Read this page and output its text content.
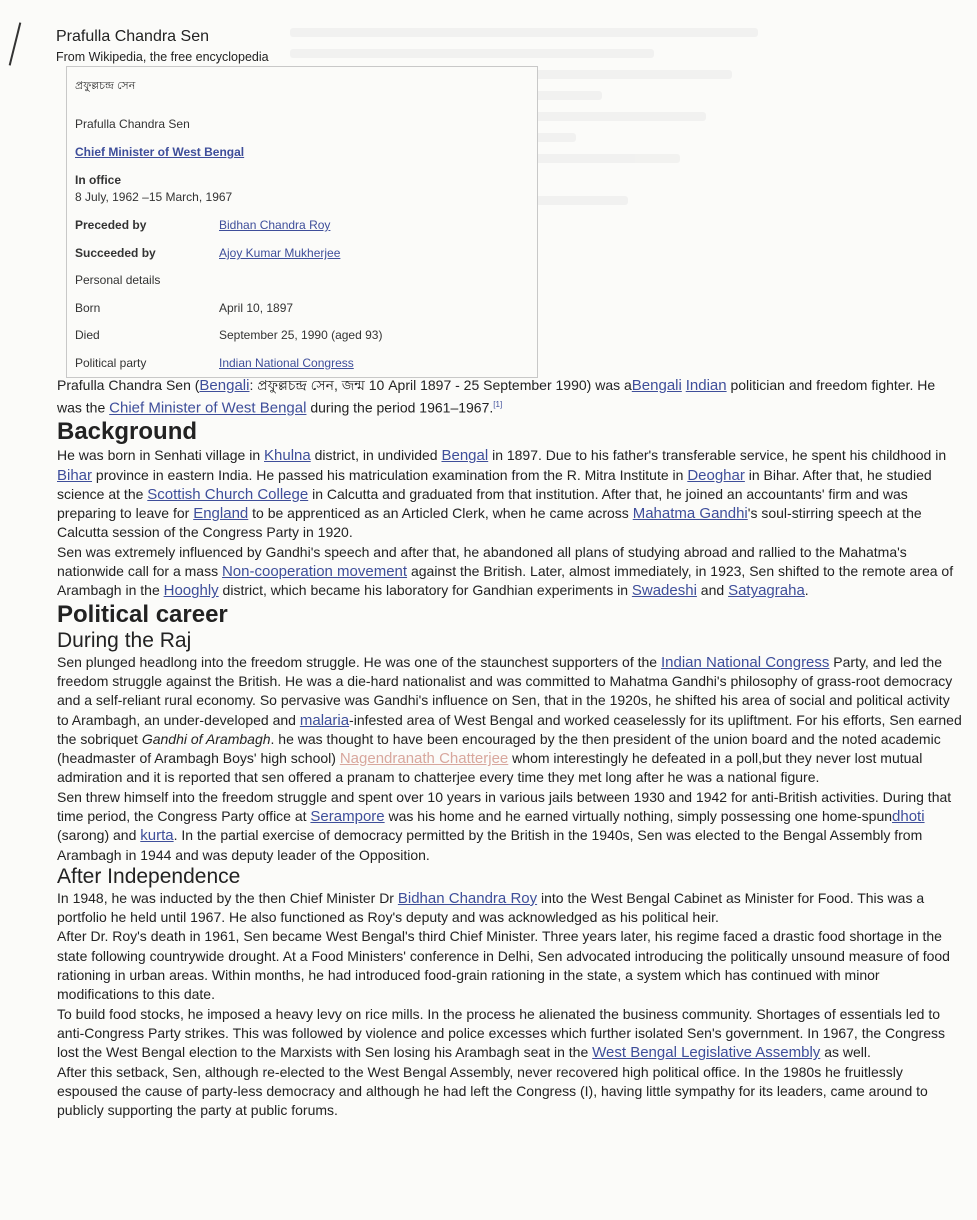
Prafulla Chandra Sen
From Wikipedia, the free encyclopedia
প্রফুল্লচন্দ্র সেন
Prafulla Chandra Sen
Chief Minister of West Bengal
In office
8 July, 1962 –15 March, 1967
Preceded by	Bidhan Chandra Roy
Succeeded by	Ajoy Kumar Mukherjee
Personal details
Born	April 10, 1897
Died	September 25, 1990 (aged 93)
Political party	Indian National Congress

Prafulla Chandra Sen (Bengali: প্রফুল্লচন্দ্র সেন, জন্ম 10 April 1897 - 25 September 1990) was aBengali Indian politician and freedom fighter. He was the Chief Minister of West Bengal during the period 1961–1967.[1]

Background

He was born in Senhati village in Khulna district, in undivided Bengal in 1897. Due to his father's transferable service, he spent his childhood in Bihar province in eastern India. He passed his matriculation examination from the R. Mitra Institute in Deoghar in Bihar. After that, he studied science at the Scottish Church College in Calcutta and graduated from that institution. After that, he joined an accountants' firm and was preparing to leave for England to be apprenticed as an Articled Clerk, when he came across Mahatma Gandhi's soul-stirring speech at the Calcutta session of the Congress Party in 1920.

Sen was extremely influenced by Gandhi's speech and after that, he abandoned all plans of studying abroad and rallied to the Mahatma's nationwide call for a mass Non-cooperation movement against the British. Later, almost immediately, in 1923, Sen shifted to the remote area of Arambagh in the Hooghly district, which became his laboratory for Gandhian experiments in Swadeshi and Satyagraha.

Political career
During the Raj

Sen plunged headlong into the freedom struggle. He was one of the staunchest supporters of the Indian National Congress Party, and led the freedom struggle against the British. He was a die-hard nationalist and was committed to Mahatma Gandhi's philosophy of grass-root democracy and a self-reliant rural economy. So pervasive was Gandhi's influence on Sen, that in the 1920s, he shifted his area of social and political activity to Arambagh, an under-developed and malaria-infested area of West Bengal and worked ceaselessly for its upliftment. For his efforts, Sen earned the sobriquet Gandhi of Arambagh. he was thought to have been encouraged by the then president of the union board and the noted academic (headmaster of Arambagh Boys' high school) Nagendranath Chatterjee whom interestingly he defeated in a poll,but they never lost mutual admiration and it is reported that sen offered a pranam to chatterjee every time they met long after he was a national figure.

Sen threw himself into the freedom struggle and spent over 10 years in various jails between 1930 and 1942 for anti-British activities. During that time period, the Congress Party office at Serampore was his home and he earned virtually nothing, simply possessing one home-spundhoti (sarong) and kurta. In the partial exercise of democracy permitted by the British in the 1940s, Sen was elected to the Bengal Assembly from Arambagh in 1944 and was deputy leader of the Opposition.

After Independence

In 1948, he was inducted by the then Chief Minister Dr Bidhan Chandra Roy into the West Bengal Cabinet as Minister for Food. This was a portfolio he held until 1967. He also functioned as Roy's deputy and was acknowledged as his political heir.

After Dr. Roy's death in 1961, Sen became West Bengal's third Chief Minister. Three years later, his regime faced a drastic food shortage in the state following countrywide drought. At a Food Ministers' conference in Delhi, Sen advocated introducing the politically unsound measure of food rationing in urban areas. Within months, he had introduced food-grain rationing in the state, a system which has continued with minor modifications to this date.

To build food stocks, he imposed a heavy levy on rice mills. In the process he alienated the business community. Shortages of essentials led to anti-Congress Party strikes. This was followed by violence and police excesses which further isolated Sen's government. In 1967, the Congress lost the West Bengal election to the Marxists with Sen losing his Arambagh seat in the West Bengal Legislative Assembly as well.

After this setback, Sen, although re-elected to the West Bengal Assembly, never recovered high political office. In the 1980s he fruitlessly espoused the cause of party-less democracy and although he had left the Congress (I), having little sympathy for its leaders, came around to publicly supporting the party at public forums.
